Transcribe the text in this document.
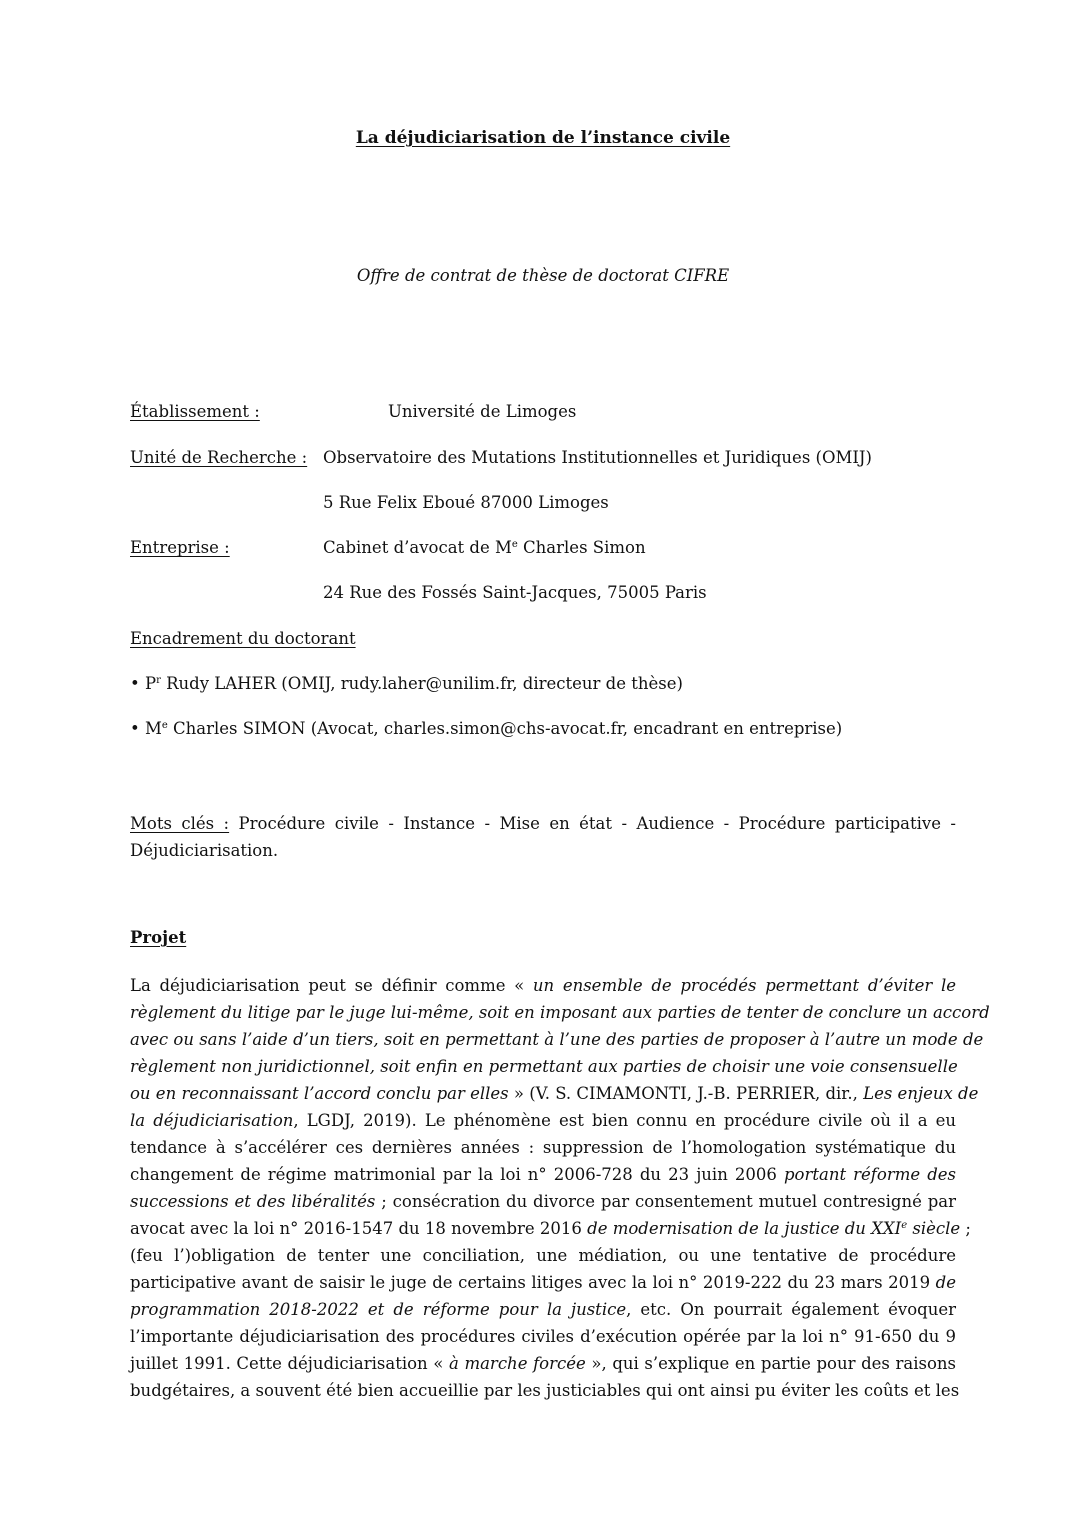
La déjudiciarisation de l’instance civile
Offre de contrat de thèse de doctorat CIFRE
Établissement :	Université de Limoges
Unité de Recherche : Observatoire des Mutations Institutionnelles et Juridiques (OMIJ)
5 Rue Felix Eboué 87000 Limoges
Entreprise :	Cabinet d’avocat de Me Charles Simon
24 Rue des Fossés Saint-Jacques, 75005 Paris
Encadrement du doctorant
• $P^r$ Rudy LAHER (OMIJ, rudy.laher@unilim.fr, directeur de thèse)
• Me Charles SIMON (Avocat, charles.simon@chs-avocat.fr, encadrant en entreprise)
Mots clés : Procédure civile - Instance - Mise en état - Audience - Procédure participative - Déjudiciarisation.
Projet
La déjudiciarisation peut se définir comme « un ensemble de procédés permettant d’éviter le
règlement du litige par le juge lui-même, soit en imposant aux parties de tenter de conclure un accord
avec ou sans l’aide d’un tiers, soit en permettant à l’une des parties de proposer à l’autre un mode de
règlement non juridictionnel, soit enfin en permettant aux parties de choisir une voie consensuelle
ou en reconnaissant l’accord conclu par elles » (V. S. CIMAMONTI, J.-B. PERRIER, dir., Les enjeux de
la déjudiciarisation, LGDJ, 2019). Le phénomène est bien connu en procédure civile où il a eu
tendance à s’accélérer ces dernières années : suppression de l’homologation systématique du
changement de régime matrimonial par la loi n° 2006-728 du 23 juin 2006 portant réforme des
successions et des libéralités ; consécration du divorce par consentement mutuel contresigné par
avocat avec la loi n° 2016-1547 du 18 novembre 2016 de modernisation de la justice du XXIe siècle ;
(feu l’)obligation de tenter une conciliation, une médiation, ou une tentative de procédure
participative avant de saisir le juge de certains litiges avec la loi n° 2019-222 du 23 mars 2019 de
programmation 2018-2022 et de réforme pour la justice, etc. On pourrait également évoquer
l’importante déjudiciarisation des procédures civiles d’exécution opérée par la loi n° 91-650 du 9
juillet 1991. Cette déjudiciarisation « à marche forcée », qui s’explique en partie pour des raisons
budgétaires, a souvent été bien accueillie par les justiciables qui ont ainsi pu éviter les coûts et les
